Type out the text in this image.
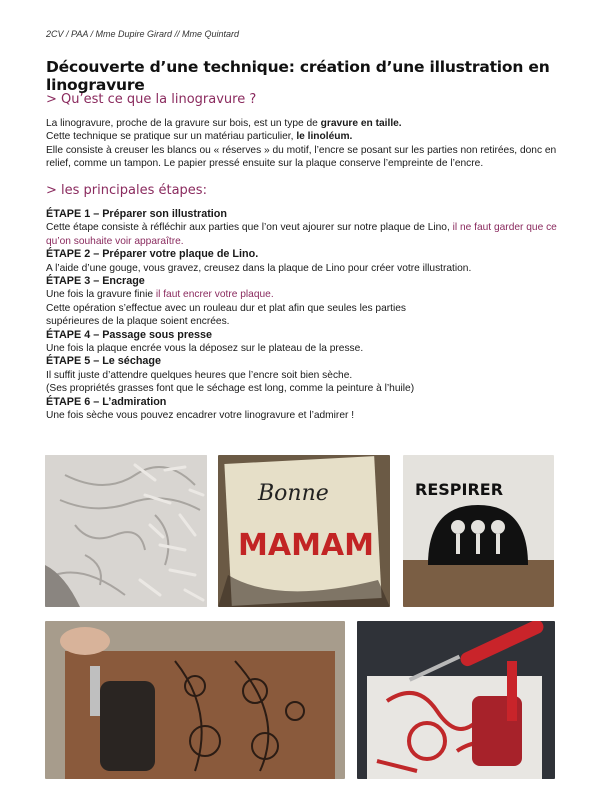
2CV / PAA / Mme Dupire Girard // Mme Quintard
Découverte d’une technique: création d’une illustration en linogravure
> Qu’est ce que la linogravure ?

La linogravure, proche de la gravure sur bois, est un type de gravure en taille.

Cette technique se pratique sur un matériau particulier, le linoléum.

Elle consiste à creuser les blancs ou « réserves » du motif, l’encre se posant sur les parties non retirées, donc en relief, comme un tampon. Le papier pressé ensuite sur la plaque conserve l’empreinte de l’encre.

> les principales étapes:

ÉTAPE 1 – Préparer son illustration

Cette étape consiste à réfléchir aux parties que l’on veut ajourer sur notre plaque de Lino, il ne faut garder que ce qu’on souhaite voir apparaître.

ÉTAPE 2 – Préparer votre plaque de Lino.

A l’aide d’une gouge, vous gravez, creusez dans la plaque de Lino pour créer votre illustration.

ÉTAPE 3 – Encrage

Une fois la gravure finie il faut encrer votre plaque.

Cette opération s’effectue avec un rouleau dur et plat afin que seules les parties supérieures de la plaque soient encrées.

ÉTAPE 4 – Passage sous presse

Une fois la plaque encrée vous la déposez sur le plateau de la presse.

ÉTAPE 5 – Le séchage

Il suffit juste d’attendre quelques heures que l’encre soit bien sèche.

(Ses propriétés grasses font que le séchage est long, comme la peinture à l’huile)

ÉTAPE 6 – L’admiration

Une fois sèche vous pouvez encadrer votre linogravure et l’admirer !

Bonne
MAMAM
RESPIRER
